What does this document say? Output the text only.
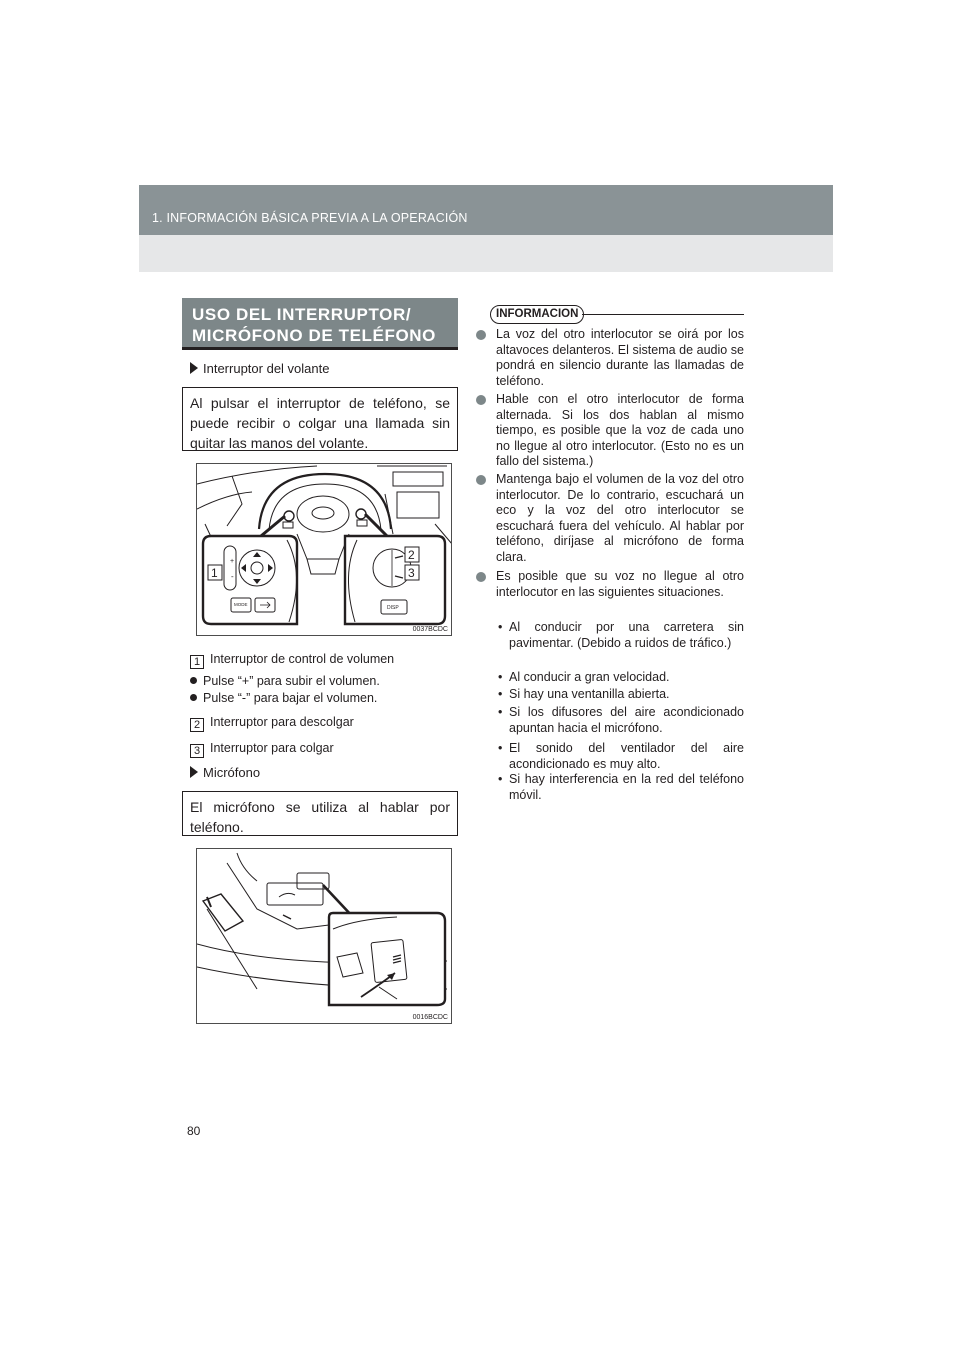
1. INFORMACIÓN BÁSICA PREVIA A LA OPERACIÓN
USO DEL INTERRUPTOR/
MICRÓFONO DE TELÉFONO
Interruptor del volante
Al pulsar el interruptor de teléfono, se puede recibir o colgar una llamada sin quitar las manos del volante.
+
-
MODE
DISP
1
2
3
0037BCDC
1 Interruptor de control de volumen
Pulse “+” para subir el volumen.
Pulse “-” para bajar el volumen.
2 Interruptor para descolgar
3 Interruptor para colgar
Micrófono
El micrófono se utiliza al hablar por teléfono.
0016BCDC
INFORMACION
La voz del otro interlocutor se oirá por los altavoces delanteros. El sistema de audio se pondrá en silencio durante las llamadas de teléfono.
Hable con el otro interlocutor de forma alternada. Si los dos hablan al mismo tiempo, es posible que la voz de cada uno no llegue al otro interlocutor. (Esto no es un fallo del sistema.)
Mantenga bajo el volumen de la voz del otro interlocutor. De lo contrario, escuchará un eco y la voz del otro interlocutor se escuchará fuera del vehículo. Al hablar por teléfono, diríjase al micrófono de forma clara.
Es posible que su voz no llegue al otro interlocutor en las siguientes situaciones.
• Al conducir por una carretera sin pavimentar. (Debido a ruidos de tráfico.)
• Al conducir a gran velocidad.
• Si hay una ventanilla abierta.
• Si los difusores del aire acondicionado apuntan hacia el micrófono.
• El sonido del ventilador del aire acondicionado es muy alto.
• Si hay interferencia en la red del teléfono móvil.
80
